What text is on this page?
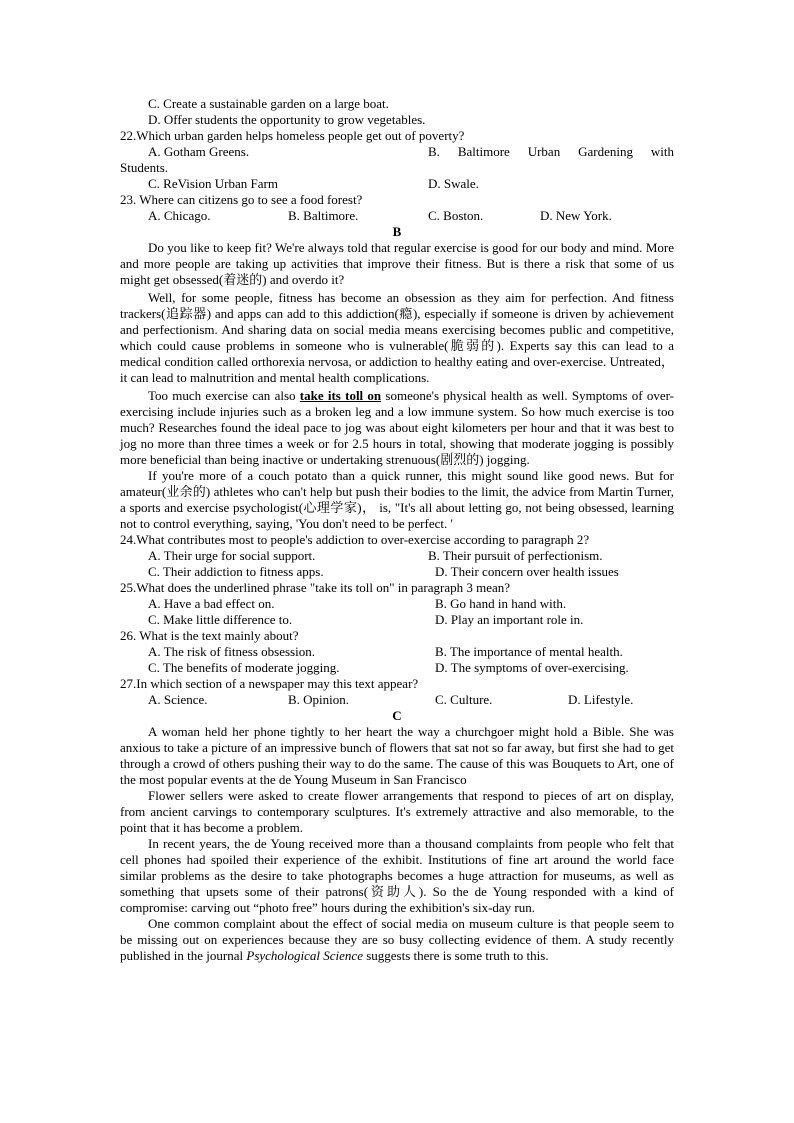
C. Create a sustainable garden on a large boat.
D. Offer students the opportunity to grow vegetables.
22.Which urban garden helps homeless people get out of poverty?
A. Gotham Greens.	B. Baltimore Urban Gardening with
Students.
C. ReVision Urban Farm	D. Swale.
23. Where can citizens go to see a food forest?
A. Chicago.	B. Baltimore.	C. Boston.	D. New York.
B
Do you like to keep fit? We're always told that regular exercise is good for our body and mind. More and more people are taking up activities that improve their fitness. But is there a risk that some of us might get obsessed(着迷的) and overdo it?
Well, for some people, fitness has become an obsession as they aim for perfection. And fitness trackers(追踪器) and apps can add to this addiction(瘾), especially if someone is driven by achievement and perfectionism. And sharing data on social media means exercising becomes public and competitive, which could cause problems in someone who is vulnerable(脆弱的). Experts say this can lead to a medical condition called orthorexia nervosa, or addiction to healthy eating and over-exercise. Untreated，it can lead to malnutrition and mental health complications.
Too much exercise can also take its toll on someone's physical health as well. Symptoms of over-exercising include injuries such as a broken leg and a low immune system. So how much exercise is too much? Researches found the ideal pace to jog was about eight kilometers per hour and that it was best to jog no more than three times a week or for 2.5 hours in total, showing that moderate jogging is possibly more beneficial than being inactive or undertaking strenuous(剧烈的) jogging.
If you're more of a couch potato than a quick runner, this might sound like good news. But for amateur(业余的) athletes who can't help but push their bodies to the limit, the advice from Martin Turner, a sports and exercise psychologist(心理学家)， is, "It's all about letting go, not being obsessed, learning not to control everything, saying, 'You don't need to be perfect. '
24.What contributes most to people's addiction to over-exercise according to paragraph 2?
A. Their urge for social support.	B. Their pursuit of perfectionism.
C. Their addiction to fitness apps.	D. Their concern over health issues
25.What does the underlined phrase "take its toll on" in paragraph 3 mean?
A. Have a bad effect on.	B. Go hand in hand with.
C. Make little difference to.	D. Play an important role in.
26. What is the text mainly about?
A. The risk of fitness obsession.	B. The importance of mental health.
C. The benefits of moderate jogging.	D. The symptoms of over-exercising.
27.In which section of a newspaper may this text appear?
A. Science.	B. Opinion.	C. Culture.	D. Lifestyle.
C
A woman held her phone tightly to her heart the way a churchgoer might hold a Bible. She was anxious to take a picture of an impressive bunch of flowers that sat not so far away, but first she had to get through a crowd of others pushing their way to do the same. The cause of this was Bouquets to Art, one of the most popular events at the de Young Museum in San Francisco
Flower sellers were asked to create flower arrangements that respond to pieces of art on display, from ancient carvings to contemporary sculptures. It's extremely attractive and also memorable, to the point that it has become a problem.
In recent years, the de Young received more than a thousand complaints from people who felt that cell phones had spoiled their experience of the exhibit. Institutions of fine art around the world face similar problems as the desire to take photographs becomes a huge attraction for museums, as well as something that upsets some of their patrons(资助人). So the de Young responded with a kind of compromise: carving out “photo free” hours during the exhibition's six-day run.
One common complaint about the effect of social media on museum culture is that people seem to be missing out on experiences because they are so busy collecting evidence of them. A study recently published in the journal Psychological Science suggests there is some truth to this.
